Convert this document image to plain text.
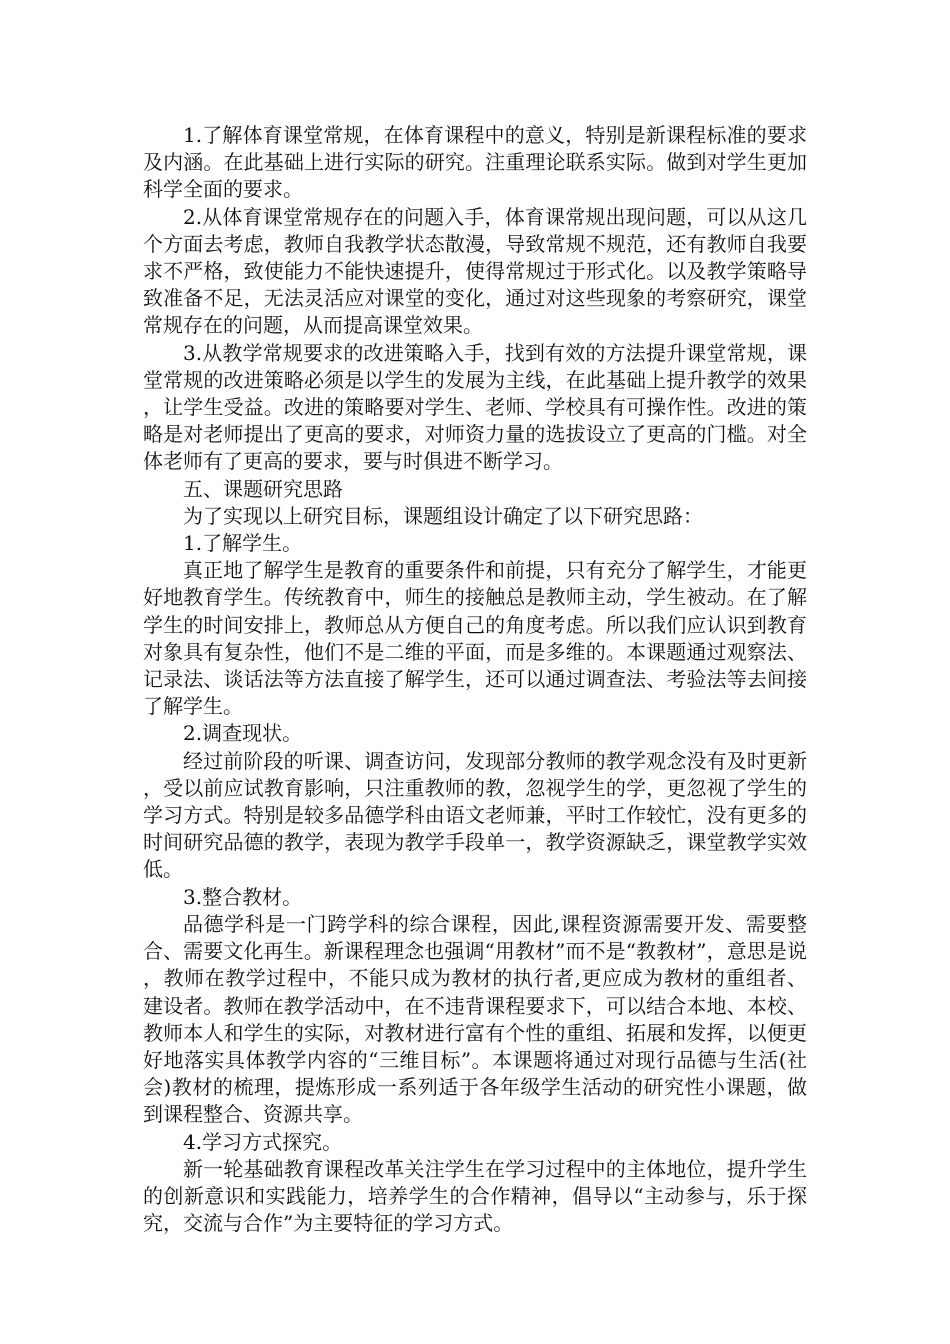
1.了解体育课堂常规，在体育课程中的意义，特别是新课程标准的要求及内涵。在此基础上进行实际的研究。注重理论联系实际。做到对学生更加科学全面的要求。

2.从体育课堂常规存在的问题入手，体育课常规出现问题，可以从这几个方面去考虑，教师自我教学状态散漫，导致常规不规范，还有教师自我要求不严格，致使能力不能快速提升，使得常规过于形式化。以及教学策略导致准备不足，无法灵活应对课堂的变化，通过对这些现象的考察研究，课堂常规存在的问题，从而提高课堂效果。

3.从教学常规要求的改进策略入手，找到有效的方法提升课堂常规，课堂常规的改进策略必须是以学生的发展为主线，在此基础上提升教学的效果，让学生受益。改进的策略要对学生、老师、学校具有可操作性。改进的策略是对老师提出了更高的要求，对师资力量的选拔设立了更高的门槛。对全体老师有了更高的要求，要与时俱进不断学习。

五、课题研究思路

为了实现以上研究目标，课题组设计确定了以下研究思路：

1.了解学生。

真正地了解学生是教育的重要条件和前提，只有充分了解学生，才能更好地教育学生。传统教育中，师生的接触总是教师主动，学生被动。在了解学生的时间安排上，教师总从方便自己的角度考虑。所以我们应认识到教育对象具有复杂性，他们不是二维的平面，而是多维的。本课题通过观察法、记录法、谈话法等方法直接了解学生，还可以通过调查法、考验法等去间接了解学生。

2.调查现状。

经过前阶段的听课、调查访问，发现部分教师的教学观念没有及时更新，受以前应试教育影响，只注重教师的教，忽视学生的学，更忽视了学生的学习方式。特别是较多品德学科由语文老师兼，平时工作较忙，没有更多的时间研究品德的教学，表现为教学手段单一，教学资源缺乏，课堂教学实效低。

3.整合教材。

品德学科是一门跨学科的综合课程，因此,课程资源需要开发、需要整合、需要文化再生。新课程理念也强调“用教材”而不是“教教材”，意思是说，教师在教学过程中，不能只成为教材的执行者,更应成为教材的重组者、建设者。教师在教学活动中，在不违背课程要求下，可以结合本地、本校、教师本人和学生的实际，对教材进行富有个性的重组、拓展和发挥，以便更好地落实具体教学内容的“三维目标”。本课题将通过对现行品德与生活(社会)教材的梳理，提炼形成一系列适于各年级学生活动的研究性小课题，做到课程整合、资源共享。

4.学习方式探究。

新一轮基础教育课程改革关注学生在学习过程中的主体地位，提升学生的创新意识和实践能力，培养学生的合作精神，倡导以“主动参与，乐于探究，交流与合作”为主要特征的学习方式。
